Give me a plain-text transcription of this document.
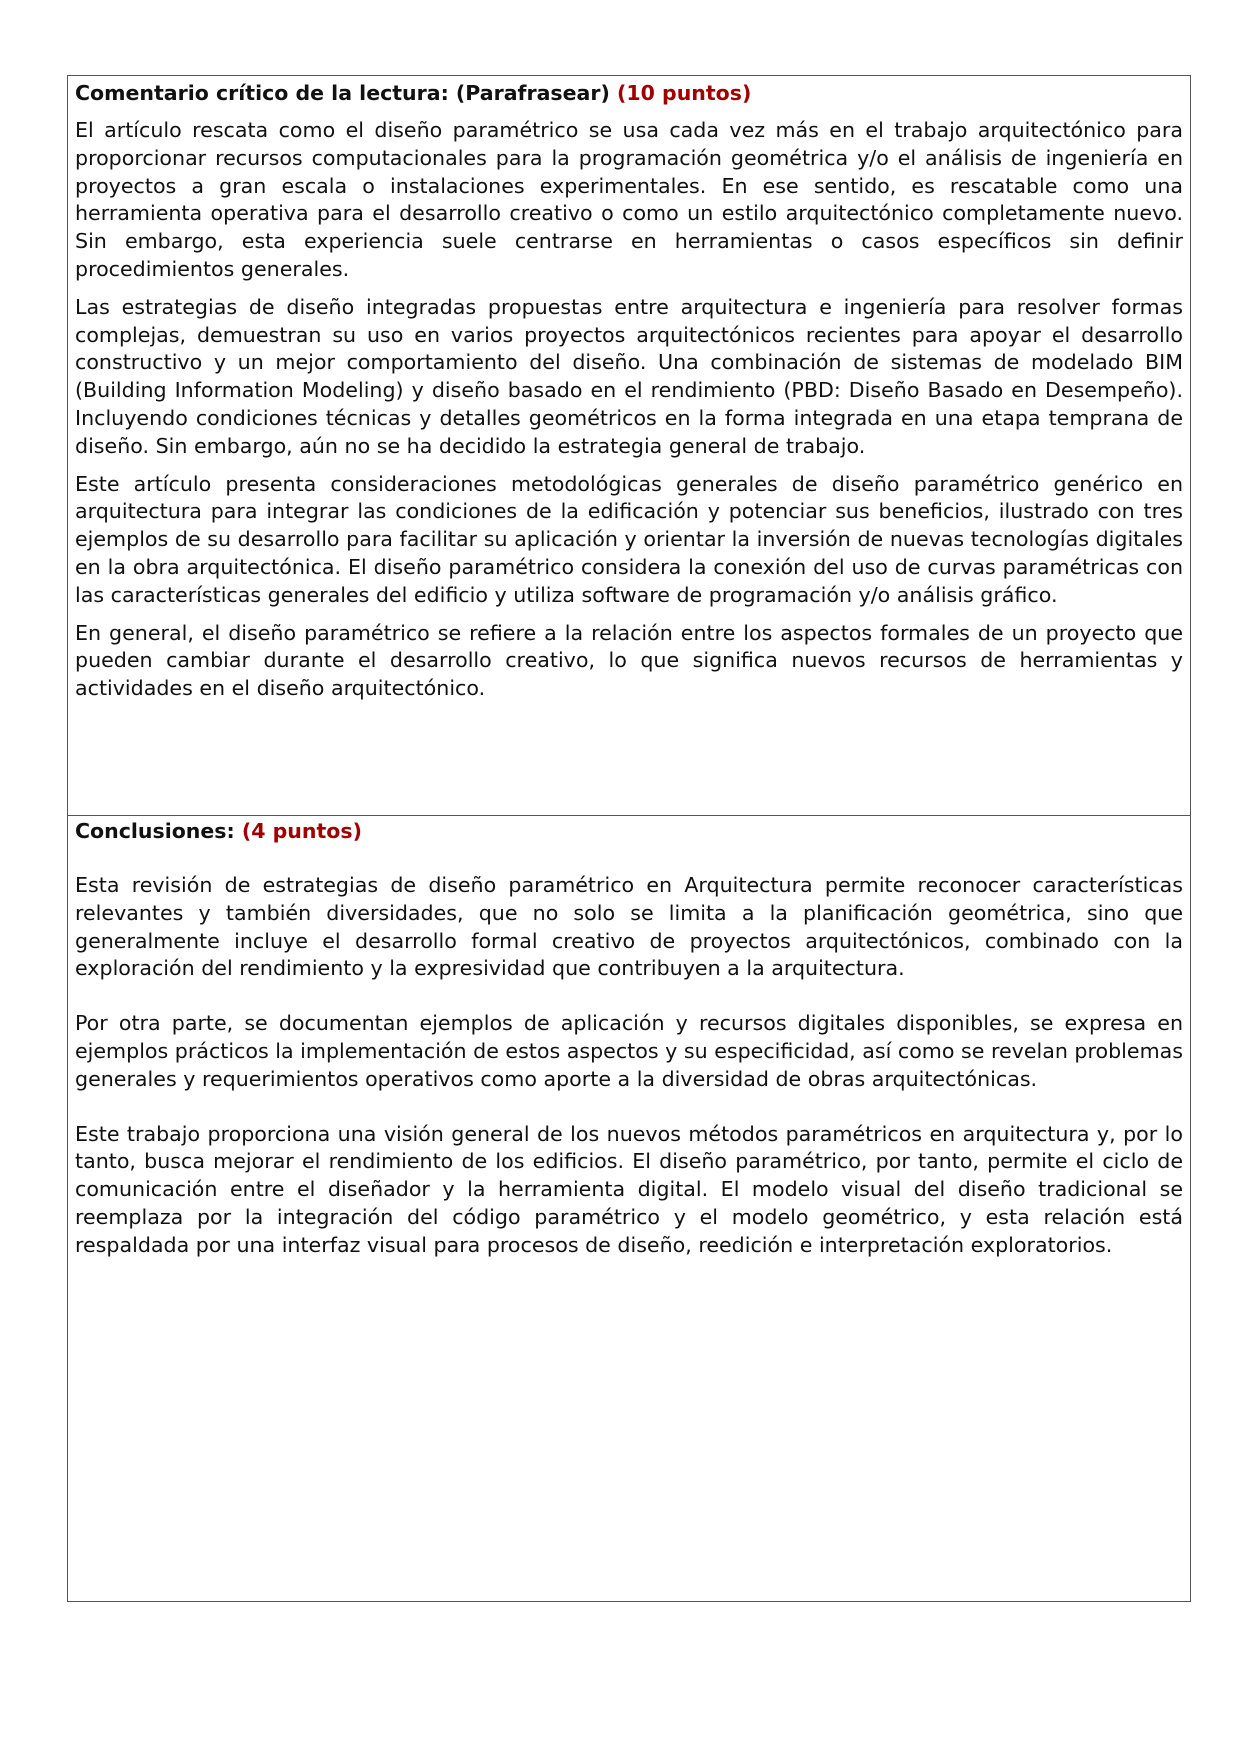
Comentario crítico de la lectura: (Parafrasear) (10 puntos)

El artículo rescata como el diseño paramétrico se usa cada vez más en el trabajo arquitectónico para proporcionar recursos computacionales para la programación geométrica y/o el análisis de ingeniería en proyectos a gran escala o instalaciones experimentales. En ese sentido, es rescatable como una herramienta operativa para el desarrollo creativo o como un estilo arquitectónico completamente nuevo. Sin embargo, esta experiencia suele centrarse en herramientas o casos específicos sin definir procedimientos generales.

Las estrategias de diseño integradas propuestas entre arquitectura e ingeniería para resolver formas complejas, demuestran su uso en varios proyectos arquitectónicos recientes para apoyar el desarrollo constructivo y un mejor comportamiento del diseño. Una combinación de sistemas de modelado BIM (Building Information Modeling) y diseño basado en el rendimiento (PBD: Diseño Basado en Desempeño). Incluyendo condiciones técnicas y detalles geométricos en la forma integrada en una etapa temprana de diseño. Sin embargo, aún no se ha decidido la estrategia general de trabajo.

Este artículo presenta consideraciones metodológicas generales de diseño paramétrico genérico en arquitectura para integrar las condiciones de la edificación y potenciar sus beneficios, ilustrado con tres ejemplos de su desarrollo para facilitar su aplicación y orientar la inversión de nuevas tecnologías digitales en la obra arquitectónica. El diseño paramétrico considera la conexión del uso de curvas paramétricas con las características generales del edificio y utiliza software de programación y/o análisis gráfico.

En general, el diseño paramétrico se refiere a la relación entre los aspectos formales de un proyecto que pueden cambiar durante el desarrollo creativo, lo que significa nuevos recursos de herramientas y actividades en el diseño arquitectónico.

Conclusiones: (4 puntos)

Esta revisión de estrategias de diseño paramétrico en Arquitectura permite reconocer características relevantes y también diversidades, que no solo se limita a la planificación geométrica, sino que generalmente incluye el desarrollo formal creativo de proyectos arquitectónicos, combinado con la exploración del rendimiento y la expresividad que contribuyen a la arquitectura.

Por otra parte, se documentan ejemplos de aplicación y recursos digitales disponibles, se expresa en ejemplos prácticos la implementación de estos aspectos y su especificidad, así como se revelan problemas generales y requerimientos operativos como aporte a la diversidad de obras arquitectónicas.

Este trabajo proporciona una visión general de los nuevos métodos paramétricos en arquitectura y, por lo tanto, busca mejorar el rendimiento de los edificios. El diseño paramétrico, por tanto, permite el ciclo de comunicación entre el diseñador y la herramienta digital. El modelo visual del diseño tradicional se reemplaza por la integración del código paramétrico y el modelo geométrico, y esta relación está respaldada por una interfaz visual para procesos de diseño, reedición e interpretación exploratorios.
